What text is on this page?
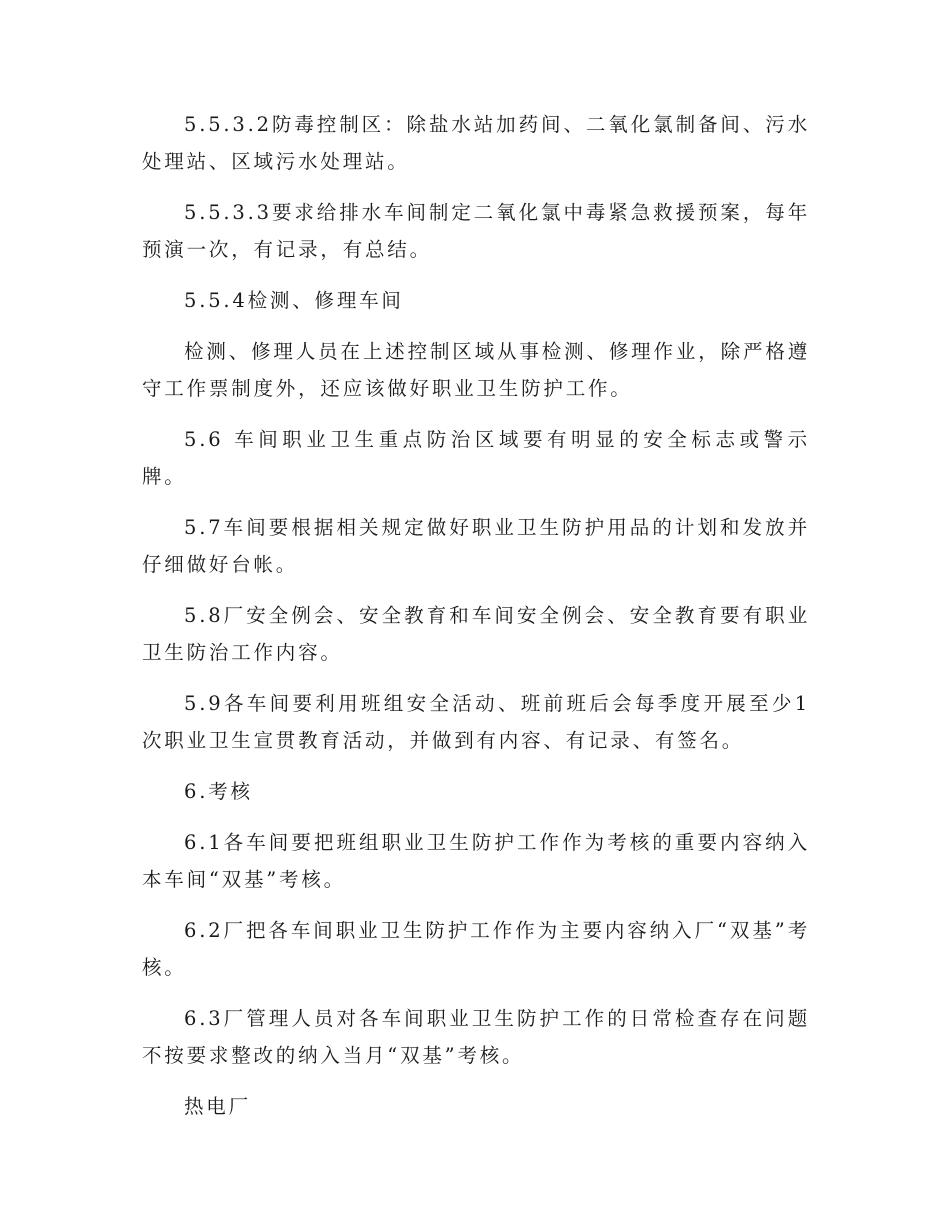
5.5.3.2防毒控制区：除盐水站加药间、二氧化氯制备间、污水处理站、区域污水处理站。

5.5.3.3要求给排水车间制定二氧化氯中毒紧急救援预案，每年预演一次，有记录，有总结。

5.5.4检测、修理车间

检测、修理人员在上述控制区域从事检测、修理作业，除严格遵守工作票制度外，还应该做好职业卫生防护工作。

5.6 车间职业卫生重点防治区域要有明显的安全标志或警示牌。

5.7车间要根据相关规定做好职业卫生防护用品的计划和发放并仔细做好台帐。

5.8厂安全例会、安全教育和车间安全例会、安全教育要有职业卫生防治工作内容。

5.9各车间要利用班组安全活动、班前班后会每季度开展至少1次职业卫生宣贯教育活动，并做到有内容、有记录、有签名。

6.考核

6.1各车间要把班组职业卫生防护工作作为考核的重要内容纳入本车间“双基”考核。

6.2厂把各车间职业卫生防护工作作为主要内容纳入厂“双基”考核。

6.3厂管理人员对各车间职业卫生防护工作的日常检查存在问题不按要求整改的纳入当月“双基”考核。

热电厂
